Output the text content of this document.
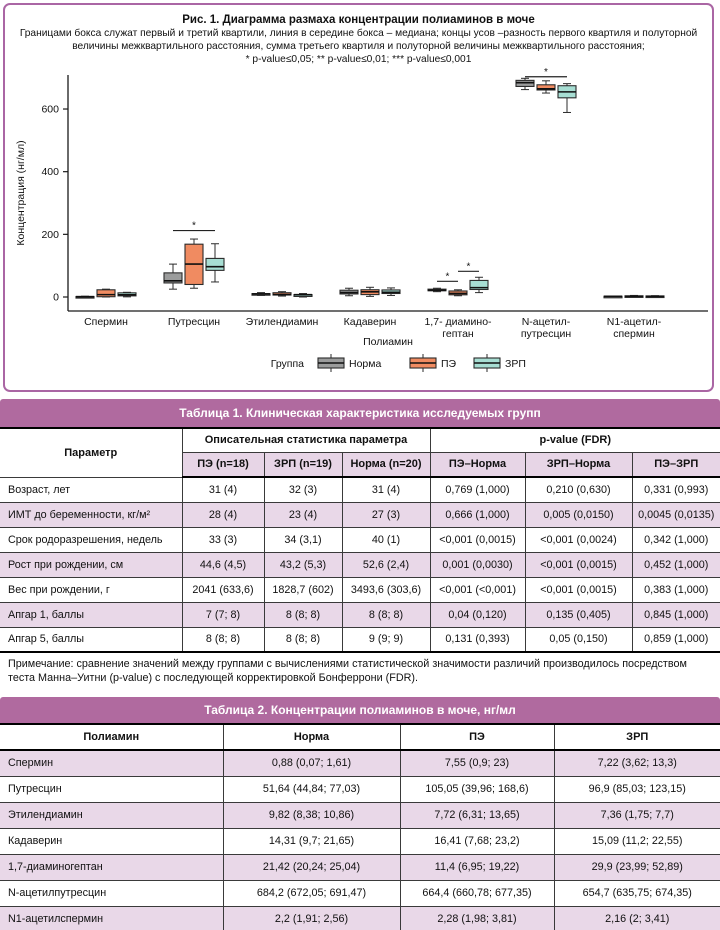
Рис. 1. Диаграмма размаха концентрации полиаминов в моче
Границами бокса служат первый и третий квартили, линия в середине бокса – медиана; концы усов –разность первого квартиля и полуторной
величины межквартильного расстояния, сумма третьего квартиля и полуторной величины межквартильного расстояния;
* p-value≤0,05; ** p-value≤0,01; *** p-value≤0,001
0
200
400
600
Концентрация (нг/мл)
Спермин	Путресцин Этилендиамин Кадаверин	1,7- диамино-
гептан
N-ацетил-
путресцин
N1-ацетил-
спермин
*
*
*
*
Полиамин
Группа	Норма	ПЭ	ЗРП
Таблица 1. Клиническая характеристика исследуемых групп
Параметр	Описательная статистика параметра			p-value (FDR)		
	ПЭ (n=18)	ЗРП (n=19)	Норма (n=20)	ПЭ–Норма	ЗРП–Норма	ПЭ–ЗРП
Возраст, лет	31 (4)	32 (3)	31 (4)	0,769 (1,000)	0,210 (0,630)	0,331 (0,993)
ИМТ до беременности, кг/м²	28 (4)	23 (4)	27 (3)	0,666 (1,000)	0,005 (0,0150)	0,0045 (0,0135)
Срок родоразрешения, недель	33 (3)	34 (3,1)	40 (1)	<0,001 (0,0015)	<0,001 (0,0024)	0,342 (1,000)
Рост при рождении, см	44,6 (4,5)	43,2 (5,3)	52,6 (2,4)	0,001 (0,0030)	<0,001 (0,0015)	0,452 (1,000)
Вес при рождении, г	2041 (633,6)	1828,7 (602)	3493,6 (303,6)	<0,001 (<0,001)	<0,001 (0,0015)	0,383 (1,000)
Апгар 1, баллы	7 (7; 8)	8 (8; 8)	8 (8; 8)	0,04 (0,120)	0,135 (0,405)	0,845 (1,000)
Апгар 5, баллы	8 (8; 8)	8 (8; 8)	9 (9; 9)	0,131 (0,393)	0,05 (0,150)	0,859 (1,000)
Примечание: сравнение значений между группами с вычислениями статистической значимости различий производилось посредством теста Манна–Уитни (p-value) с последующей корректировкой Бонферрони (FDR).
Таблица 2. Концентрации полиаминов в моче, нг/мл
Полиамин	Норма	ПЭ	ЗРП
Спермин	0,88 (0,07; 1,61)	7,55 (0,9; 23)	7,22 (3,62; 13,3)
Путресцин	51,64 (44,84; 77,03)	105,05 (39,96; 168,6)	96,9 (85,03; 123,15)
Этилендиамин	9,82 (8,38; 10,86)	7,72 (6,31; 13,65)	7,36 (1,75; 7,7)
Кадаверин	14,31 (9,7; 21,65)	16,41 (7,68; 23,2)	15,09 (11,2; 22,55)
1,7-диаминогептан	21,42 (20,24; 25,04)	11,4 (6,95; 19,22)	29,9 (23,99; 52,89)
N-ацетилпутресцин	684,2 (672,05; 691,47)	664,4 (660,78; 677,35)	654,7 (635,75; 674,35)
N1-ацетилспермин	2,2 (1,91; 2,56)	2,28 (1,98; 3,81)	2,16 (2; 3,41)
